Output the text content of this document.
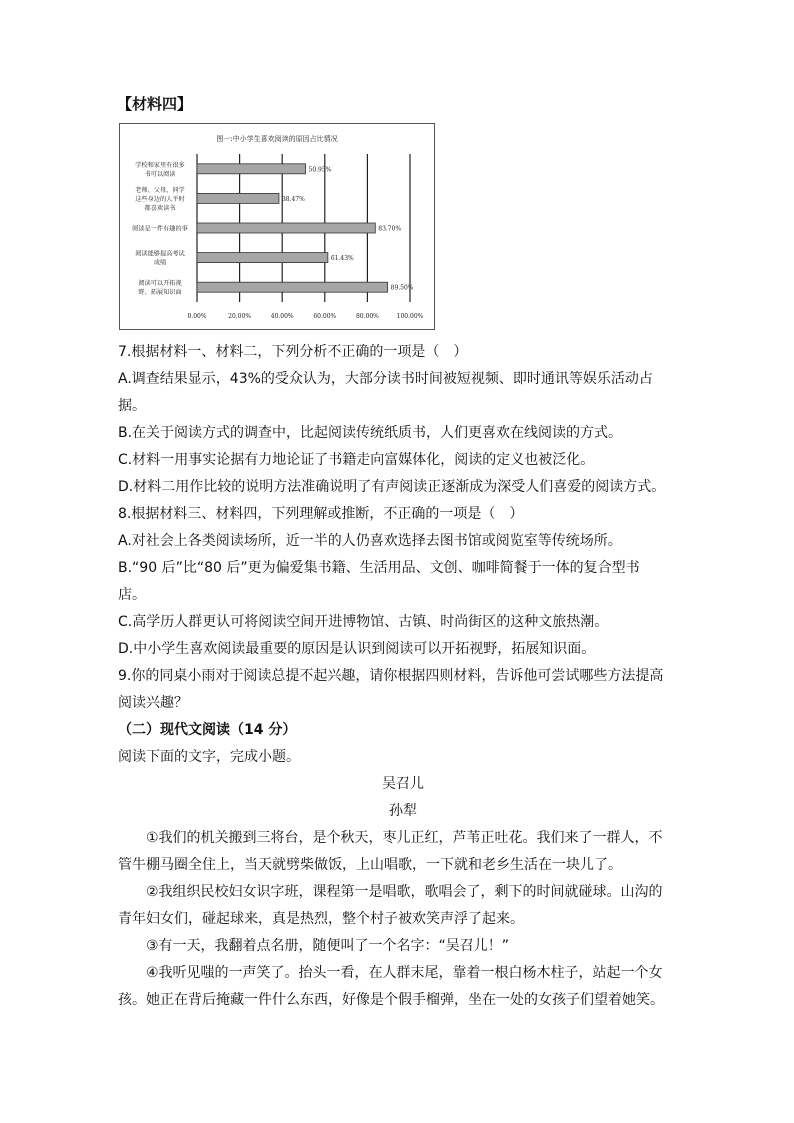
【材料四】
图一:中小学生喜欢阅读的原因占比情况
0.00%	20.00%	40.00%	60.00%	80.00%	100.00%
50.95%
学校和家里有很多
书可以阅读
38.47%
老师、父母、同学
这些身边的人平时
都喜欢读书
83.70%
阅读是一件有趣的事
61.43%
阅读能够提高考试
成绩
89.50%
阅读可以开拓视
野、拓展知识面
7.根据材料一、材料二，下列分析不正确的一项是（　）
A.调查结果显示，43%的受众认为，大部分读书时间被短视频、即时通讯等娱乐活动占
据。
B.在关于阅读方式的调查中，比起阅读传统纸质书，人们更喜欢在线阅读的方式。
C.材料一用事实论据有力地论证了书籍走向富媒体化，阅读的定义也被泛化。
D.材料二用作比较的说明方法准确说明了有声阅读正逐渐成为深受人们喜爱的阅读方式。
8.根据材料三、材料四，下列理解或推断，不正确的一项是（　）
A.对社会上各类阅读场所，近一半的人仍喜欢选择去图书馆或阅览室等传统场所。
B.“90 后”比“80 后”更为偏爱集书籍、生活用品、文创、咖啡简餐于一体的复合型书
店。
C.高学历人群更认可将阅读空间开进博物馆、古镇、时尚街区的这种文旅热潮。
D.中小学生喜欢阅读最重要的原因是认识到阅读可以开拓视野，拓展知识面。
9.你的同桌小雨对于阅读总提不起兴趣，请你根据四则材料，告诉他可尝试哪些方法提高
阅读兴趣？
（二）现代文阅读（14 分）
阅读下面的文字，完成小题。
吴召儿
孙犁
①我们的机关搬到三将台，是个秋天，枣儿正红，芦苇正吐花。我们来了一群人，不
管牛棚马圈全住上，当天就劈柴做饭，上山唱歌，一下就和老乡生活在一块儿了。
②我组织民校妇女识字班，课程第一是唱歌，歌唱会了，剩下的时间就碰球。山沟的
青年妇女们，碰起球来，真是热烈，整个村子被欢笑声浮了起来。
③有一天，我翻着点名册，随便叫了一个名字：“吴召儿！”
④我听见嗤的一声笑了。抬头一看，在人群末尾，靠着一根白杨木柱子，站起一个女
孩。她正在背后掩藏一件什么东西，好像是个假手榴弹，坐在一处的女孩子们望着她笑。
